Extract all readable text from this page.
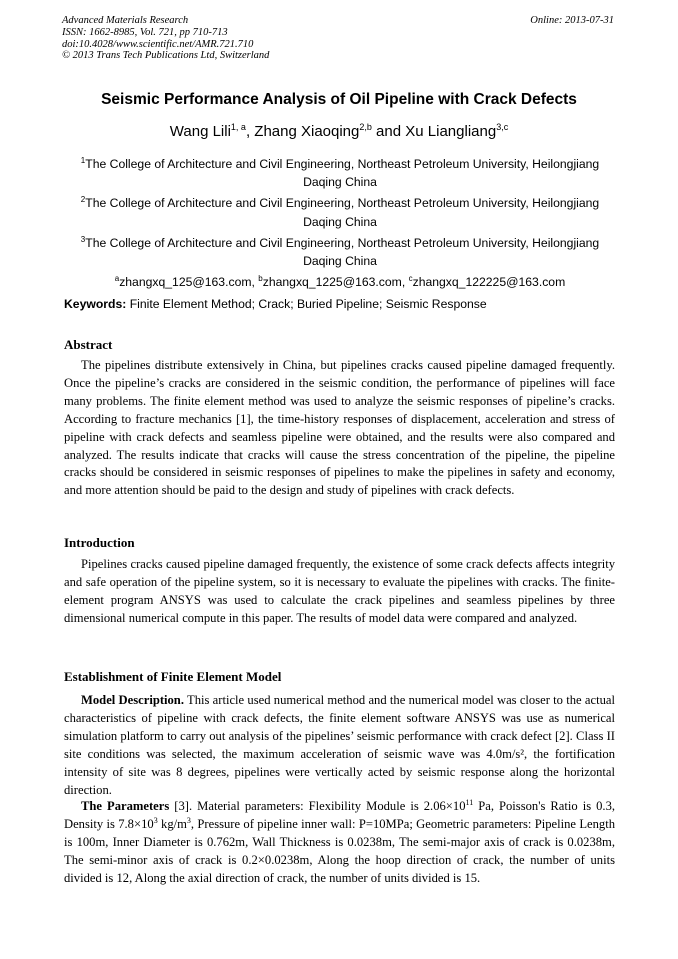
Advanced Materials Research
ISSN: 1662-8985, Vol. 721, pp 710-713
doi:10.4028/www.scientific.net/AMR.721.710
© 2013 Trans Tech Publications Ltd, Switzerland
Online: 2013-07-31
Seismic Performance Analysis of Oil Pipeline with Crack Defects
Wang Lili$^{1, a}$, Zhang Xiaoqing$^{2,b}$ and Xu Liangliang$^{3,c}$
$^1$The College of Architecture and Civil Engineering, Northeast Petroleum University, Heilongjiang
Daqing China
$^2$The College of Architecture and Civil Engineering, Northeast Petroleum University, Heilongjiang
Daqing China
$^3$The College of Architecture and Civil Engineering, Northeast Petroleum University, Heilongjiang
Daqing China
$^a$zhangxq_125@163.com, $^b$zhangxq_1225@163.com, $^c$zhangxq_122225@163.com
Keywords: Finite Element Method; Crack; Buried Pipeline; Seismic Response
Abstract
The pipelines distribute extensively in China, but pipelines cracks caused pipeline damaged frequently. Once the pipeline’s cracks are considered in the seismic condition, the performance of pipelines will face many problems. The finite element method was used to analyze the seismic responses of pipeline’s cracks. According to fracture mechanics [1], the time-history responses of displacement, acceleration and stress of pipeline with crack defects and seamless pipeline were obtained, and the results were also compared and analyzed. The results indicate that cracks will cause the stress concentration of the pipeline, the pipeline cracks should be considered in seismic responses of pipelines to make the pipelines in safety and economy, and more attention should be paid to the design and study of pipelines with crack defects.
Introduction
Pipelines cracks caused pipeline damaged frequently, the existence of some crack defects affects integrity and safe operation of the pipeline system, so it is necessary to evaluate the pipelines with cracks. The finite-element program ANSYS was used to calculate the crack pipelines and seamless pipelines by three dimensional numerical compute in this paper. The results of model data were compared and analyzed.
Establishment of Finite Element Model
Model Description. This article used numerical method and the numerical model was closer to the actual characteristics of pipeline with crack defects, the finite element software ANSYS was use as numerical simulation platform to carry out analysis of the pipelines’ seismic performance with crack defect [2]. Class II site conditions was selected, the maximum acceleration of seismic wave was 4.0m/s², the fortification intensity of site was 8 degrees, pipelines were vertically acted by seismic response along the horizontal direction.
The Parameters [3]. Material parameters: Flexibility Module is $2.06\times 10^{11}$ Pa, Poisson's Ratio is 0.3, Density is $7.8\times 10^3$ $kg/m^3$, Pressure of pipeline inner wall: P=10MPa; Geometric parameters: Pipeline Length is 100m, Inner Diameter is 0.762m, Wall Thickness is 0.0238m, The semi-major axis of crack is 0.0238m, The semi-minor axis of crack is 0.2×0.0238m, Along the hoop direction of crack, the number of units divided is 12, Along the axial direction of crack, the number of units divided is 15.
